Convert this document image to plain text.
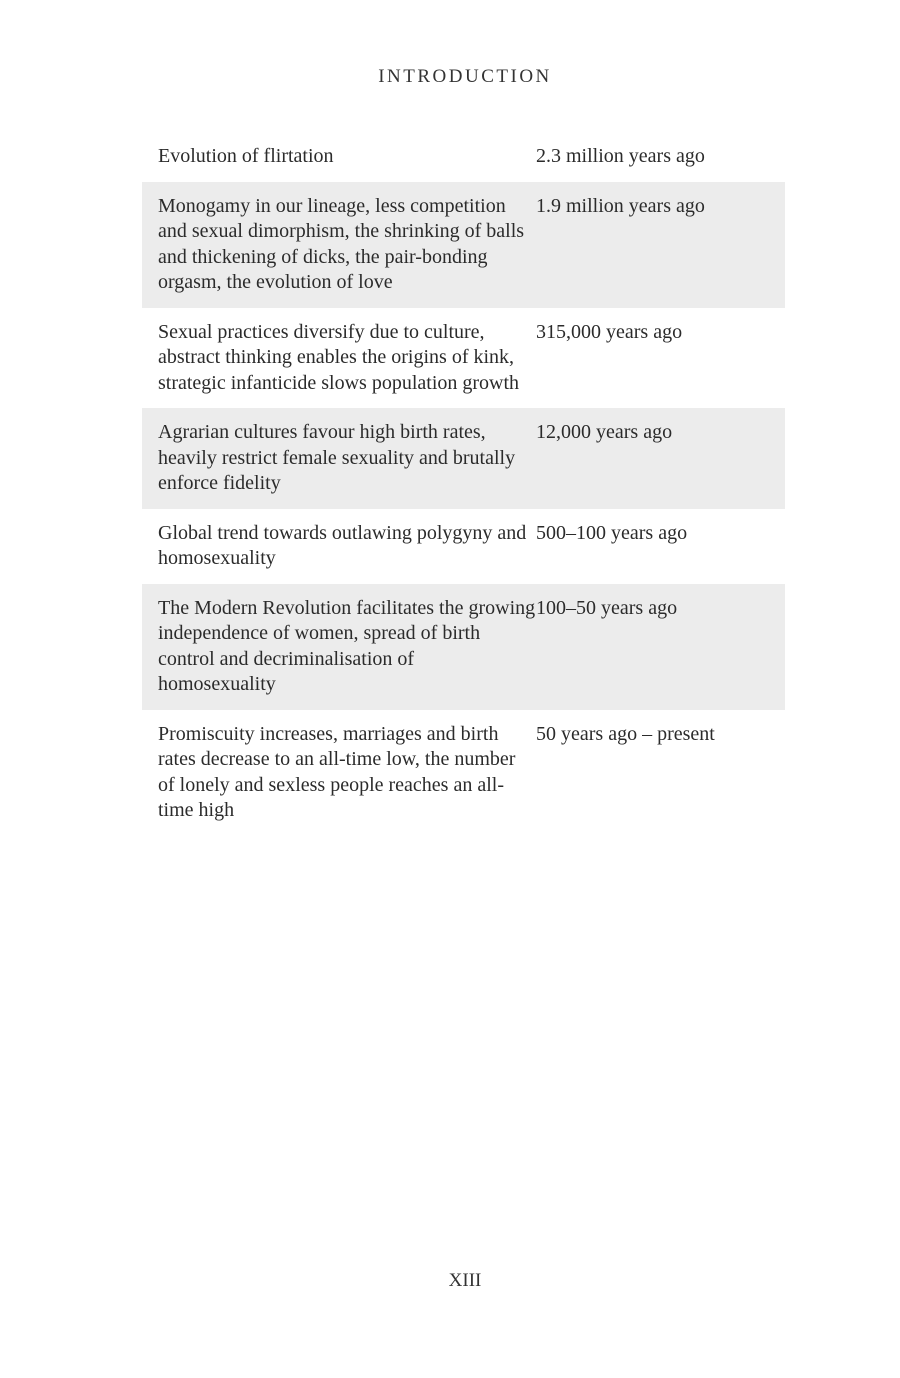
INTRODUCTION
Evolution of flirtation	2.3 million years ago
Monogamy in our lineage, less competition and sexual dimorphism, the shrinking of balls and thickening of dicks, the pair-bonding orgasm, the evolution of love
1.9 million years ago
Sexual practices diversify due to culture, abstract thinking enables the origins of kink, strategic infanticide slows population growth
315,000 years ago
Agrarian cultures favour high birth rates, heavily restrict female sexuality and brutally enforce fidelity
12,000 years ago
Global trend towards outlawing polygyny and homosexuality
500–100 years ago
The Modern Revolution facilitates the growing independence of women, spread of birth control and decriminalisation of homosexuality
100–50 years ago
Promiscuity increases, marriages and birth rates decrease to an all-time low, the number of lonely and sexless people reaches an all-time high
50 years ago – present
XIII
